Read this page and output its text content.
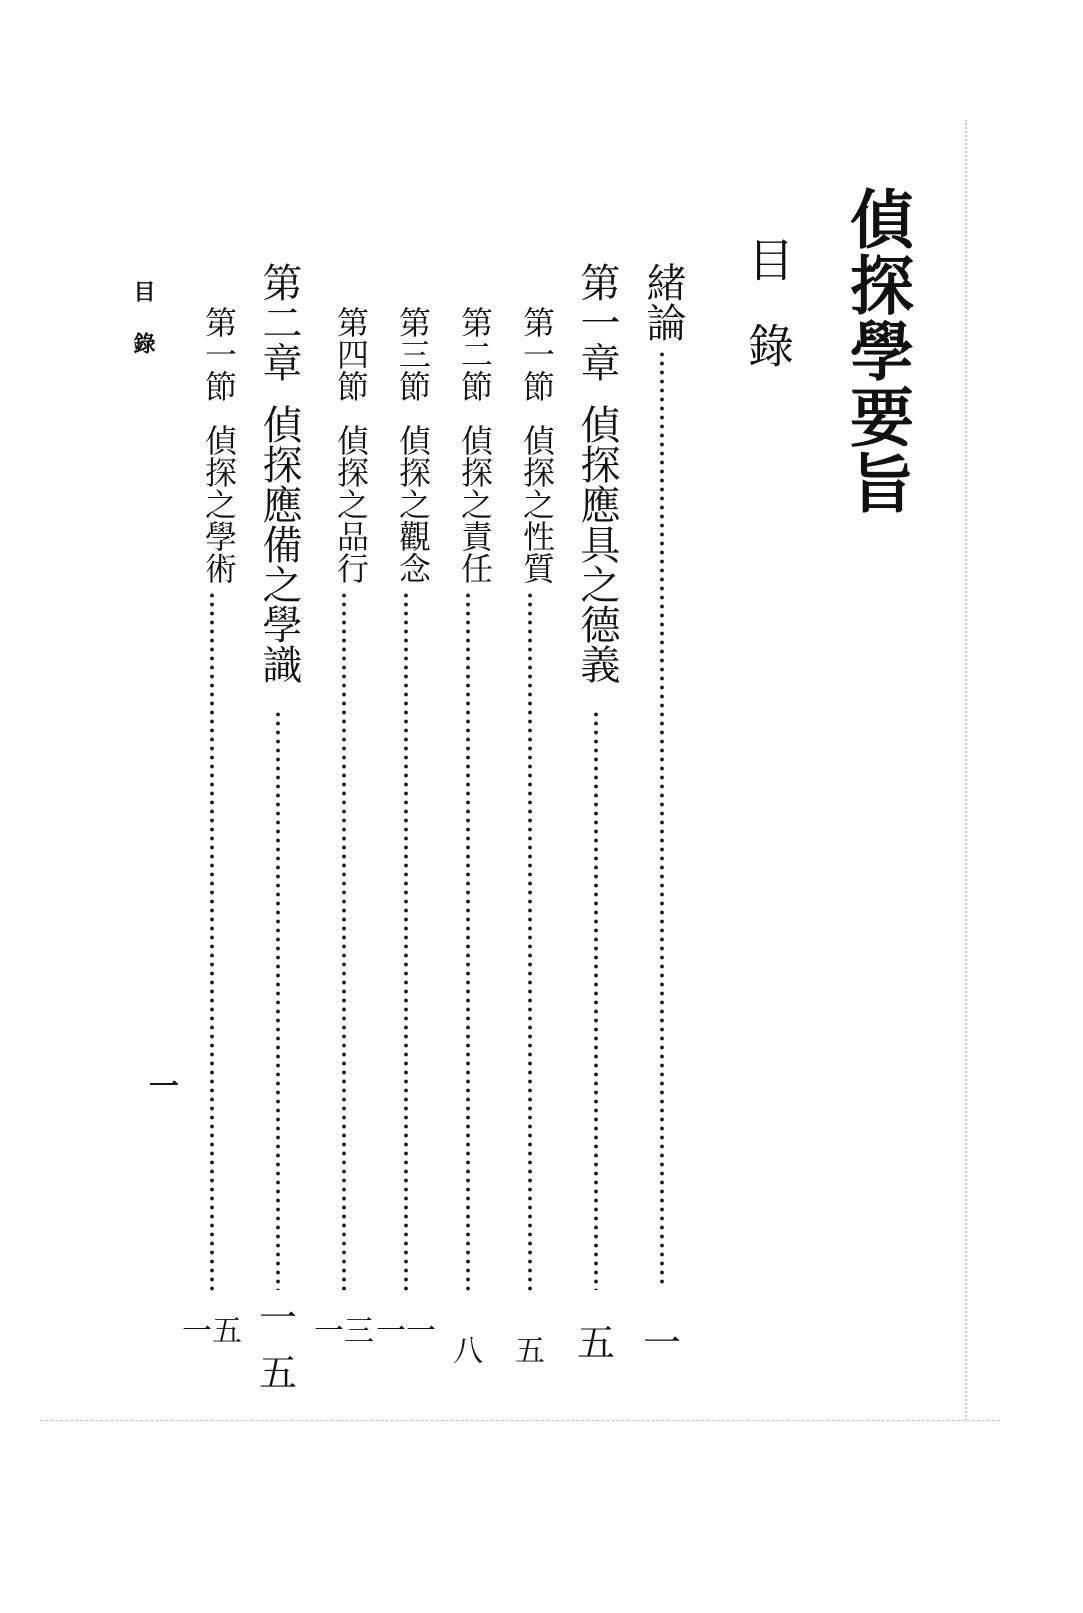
偵探學要旨
目錄
緒論
一
第一章偵探應具之德義
五
第一節偵探之性質
五
第二節偵探之責任
八
第三節偵探之觀念
一一
第四節偵探之品行
一三
第二章偵探應備之學識
一五
第一節偵探之學術
一五
目錄
一
